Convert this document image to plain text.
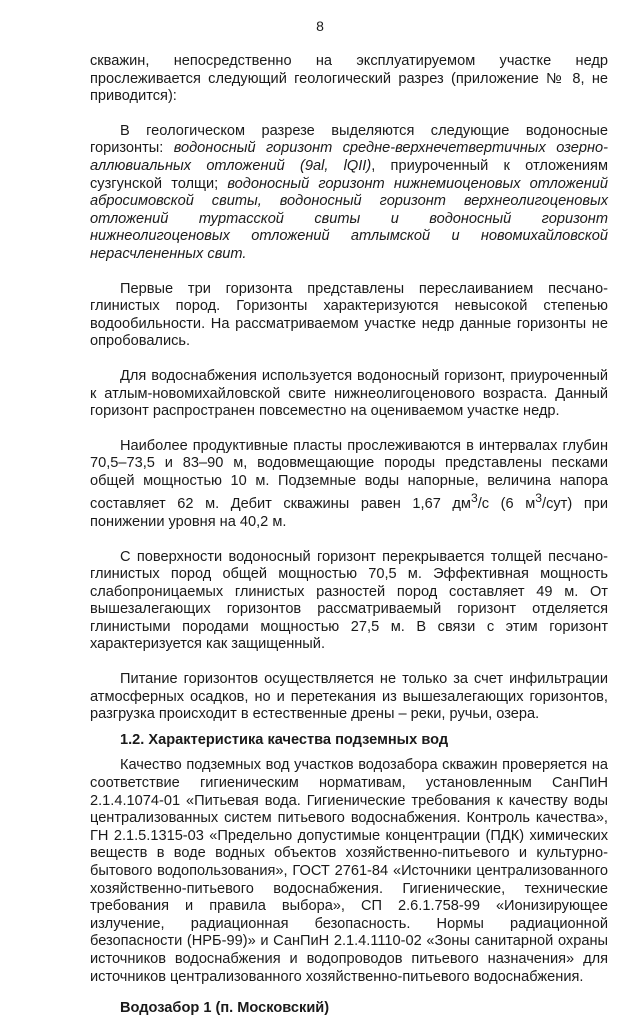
8

скважин, непосредственно на эксплуатируемом участке недр прослеживается следующий геологический разрез (приложение № 8, не приводится):

В геологическом разрезе выделяются следующие водоносные горизонты: водоносный горизонт средне-верхнечетвертичных озерно-аллювиальных отложений (9al, lQII), приуроченный к отложениям сузгунской толщи; водоносный горизонт нижнемиоценовых отложений абросимовской свиты, водоносный горизонт верхнеолигоценовых отложений туртасской свиты и водоносный горизонт нижнеолигоценовых отложений атлымской и новомихайловской нерасчлененных свит.

Первые три горизонта представлены переслаиванием песчано-глинистых пород. Горизонты характеризуются невысокой степенью водообильности. На рассматриваемом участке недр данные горизонты не опробовались.

Для водоснабжения используется водоносный горизонт, приуроченный к атлым-новомихайловской свите нижнеолигоценового возраста. Данный горизонт распространен повсеместно на оцениваемом участке недр.

Наиболее продуктивные пласты прослеживаются в интервалах глубин 70,5–73,5 и 83–90 м, водовмещающие породы представлены песками общей мощностью 10 м. Подземные воды напорные, величина напора составляет 62 м. Дебит скважины равен 1,67 $дм^3/с$ (6 $м^3/сут$) при понижении уровня на 40,2 м.

С поверхности водоносный горизонт перекрывается толщей песчано-глинистых пород общей мощностью 70,5 м. Эффективная мощность слабопроницаемых глинистых разностей пород составляет 49 м. От вышезалегающих горизонтов рассматриваемый горизонт отделяется глинистыми породами мощностью 27,5 м. В связи с этим горизонт характеризуется как защищенный.

Питание горизонтов осуществляется не только за счет инфильтрации атмосферных осадков, но и перетекания из вышезалегающих горизонтов, разгрузка происходит в естественные дрены – реки, ручьи, озера.

1.2. Характеристика качества подземных вод

Качество подземных вод участков водозабора скважин проверяется на соответствие гигиеническим нормативам, установленным СанПиН 2.1.4.1074-01 «Питьевая вода. Гигиенические требования к качеству воды централизованных систем питьевого водоснабжения. Контроль качества», ГН 2.1.5.1315-03 «Предельно допустимые концентрации (ПДК) химических веществ в воде водных объектов хозяйственно-питьевого и культурно-бытового водопользования», ГОСТ 2761-84 «Источники централизованного хозяйственно-питьевого водоснабжения. Гигиенические, технические требования и правила выбора», СП 2.6.1.758-99 «Ионизирующее излучение, радиационная безопасность. Нормы радиационной безопасности (НРБ-99)» и СанПиН 2.1.4.1110-02 «Зоны санитарной охраны источников водоснабжения и водопроводов питьевого назначения» для источников централизованного хозяйственно-питьевого водоснабжения.

Водозабор 1 (п. Московский)
